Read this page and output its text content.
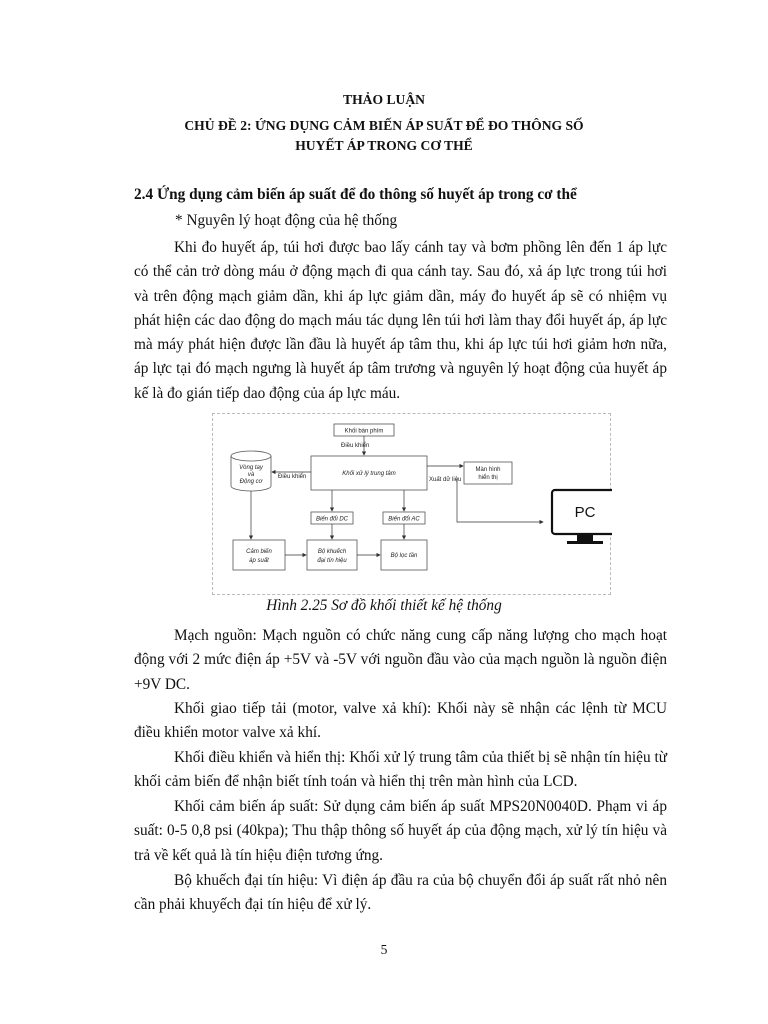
THẢO LUẬN
CHỦ ĐỀ 2: ỨNG DỤNG CẢM BIẾN ÁP SUẤT ĐỂ ĐO THÔNG SỐ
HUYẾT ÁP TRONG CƠ THỂ
2.4 Ứng dụng cảm biến áp suất để đo thông số huyết áp trong cơ thể

* Nguyên lý hoạt động của hệ thống

Khi đo huyết áp, túi hơi được bao lấy cánh tay và bơm phồng lên đến 1 áp lực có thể cản trở dòng máu ở động mạch đi qua cánh tay. Sau đó, xả áp lực trong túi hơi và trên động mạch giảm dần, khi áp lực giảm dần, máy đo huyết áp sẽ có nhiệm vụ phát hiện các dao động do mạch máu tác dụng lên túi hơi làm thay đổi huyết áp, áp lực mà máy phát hiện được lần đầu là huyết áp tâm thu, khi áp lực túi hơi giảm hơn nữa, áp lực tại đó mạch ngưng là huyết áp tâm trương và nguyên lý hoạt động của huyết áp kế là đo gián tiếp dao động của áp lực máu.

Khối bàn phím
Điều khiển
Khối xử lý trung tâm
Vòng tay
và
Động cơ
Điều khiển
Màn hình
hiển thị
Xuất dữ liệu
PC
Biến đổi DC	Biến đổi AC
Cảm biến
áp suất
Bộ khuếch
đại tín hiệu
Bộ lọc tần
Hình 2.25 Sơ đồ khối thiết kế hệ thống

Mạch nguồn: Mạch nguồn có chức năng cung cấp năng lượng cho mạch hoạt động với 2 mức điện áp +5V và -5V với nguồn đầu vào của mạch nguồn là nguồn điện +9V DC.

Khối giao tiếp tải (motor, valve xả khí): Khối này sẽ nhận các lệnh từ MCU điều khiển motor valve xả khí.

Khối điều khiển và hiển thị: Khối xử lý trung tâm của thiết bị sẽ nhận tín hiệu từ khối cảm biến để nhận biết tính toán và hiển thị trên màn hình của LCD.

Khối cảm biến áp suất: Sử dụng cảm biến áp suất MPS20N0040D. Phạm vi áp suất: 0-5 0,8 psi (40kpa); Thu thập thông số huyết áp của động mạch, xử lý tín hiệu và trả về kết quả là tín hiệu điện tương ứng.

Bộ khuếch đại tín hiệu: Vì điện áp đầu ra của bộ chuyển đổi áp suất rất nhỏ nên cần phải khuyếch đại tín hiệu để xử lý.

5
